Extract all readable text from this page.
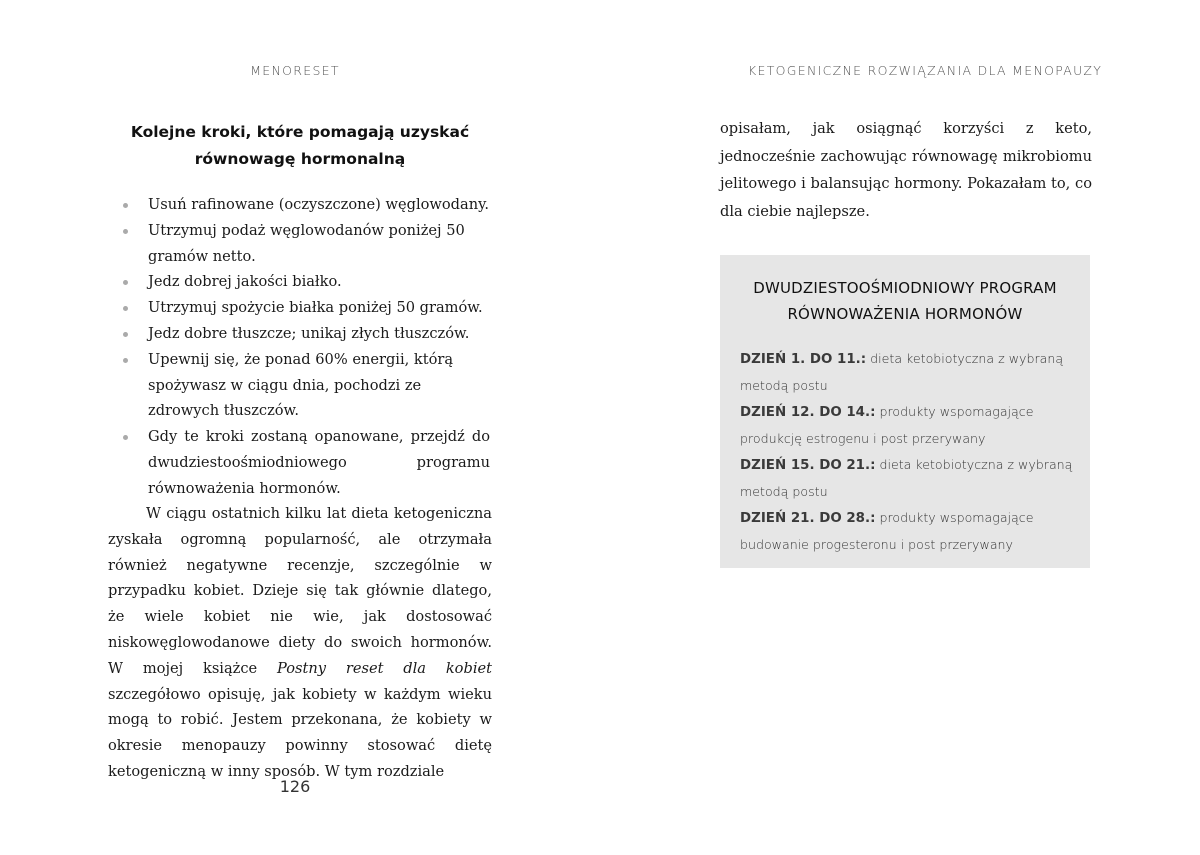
MENORESET
Kolejne kroki, które pomagają uzyskać
równowagę hormonalną
Usuń rafinowane (oczyszczone) węglowodany.
Utrzymuj podaż węglowodanów poniżej 50 gramów netto.
Jedz dobrej jakości białko.
Utrzymuj spożycie białka poniżej 50 gramów.
Jedz dobre tłuszcze; unikaj złych tłuszczów.
Upewnij się, że ponad 60% energii, którą spożywasz w ciągu dnia, pochodzi ze zdrowych tłuszczów.
Gdy te kroki zostaną opanowane, przejdź do dwudziestoośmiodniowego programu równoważenia hormonów.

W ciągu ostatnich kilku lat dieta ketogeniczna zyskała ogromną popularność, ale otrzymała również negatywne recenzje, szczególnie w przypadku kobiet. Dzieje się tak głównie dlatego, że wiele kobiet nie wie, jak dostosować niskowęglowodanowe diety do swoich hormonów. W mojej książce Postny reset dla kobiet szczegółowo opisuję, jak kobiety w każdym wieku mogą to robić. Jestem przekonana, że kobiety w okresie menopauzy powinny stosować dietę ketogeniczną w inny sposób. W tym rozdziale

126
KETOGENICZNE ROZWIĄZANIA DLA MENOPAUZY

opisałam, jak osiągnąć korzyści z keto, jednocześnie zachowując równowagę mikrobiomu jelitowego i balansując hormony. Pokazałam to, co dla ciebie najlepsze.

DWUDZIESTOOŚMIODNIOWY PROGRAM
RÓWNOWAŻENIA HORMONÓW
DZIEŃ 1. DO 11.: dieta ketobiotyczna z wybraną metodą postu
DZIEŃ 12. DO 14.: produkty wspomagające produkcję estrogenu i post przerywany
DZIEŃ 15. DO 21.: dieta ketobiotyczna z wybraną metodą postu
DZIEŃ 21. DO 28.: produkty wspomagające budowanie progesteronu i post przerywany
